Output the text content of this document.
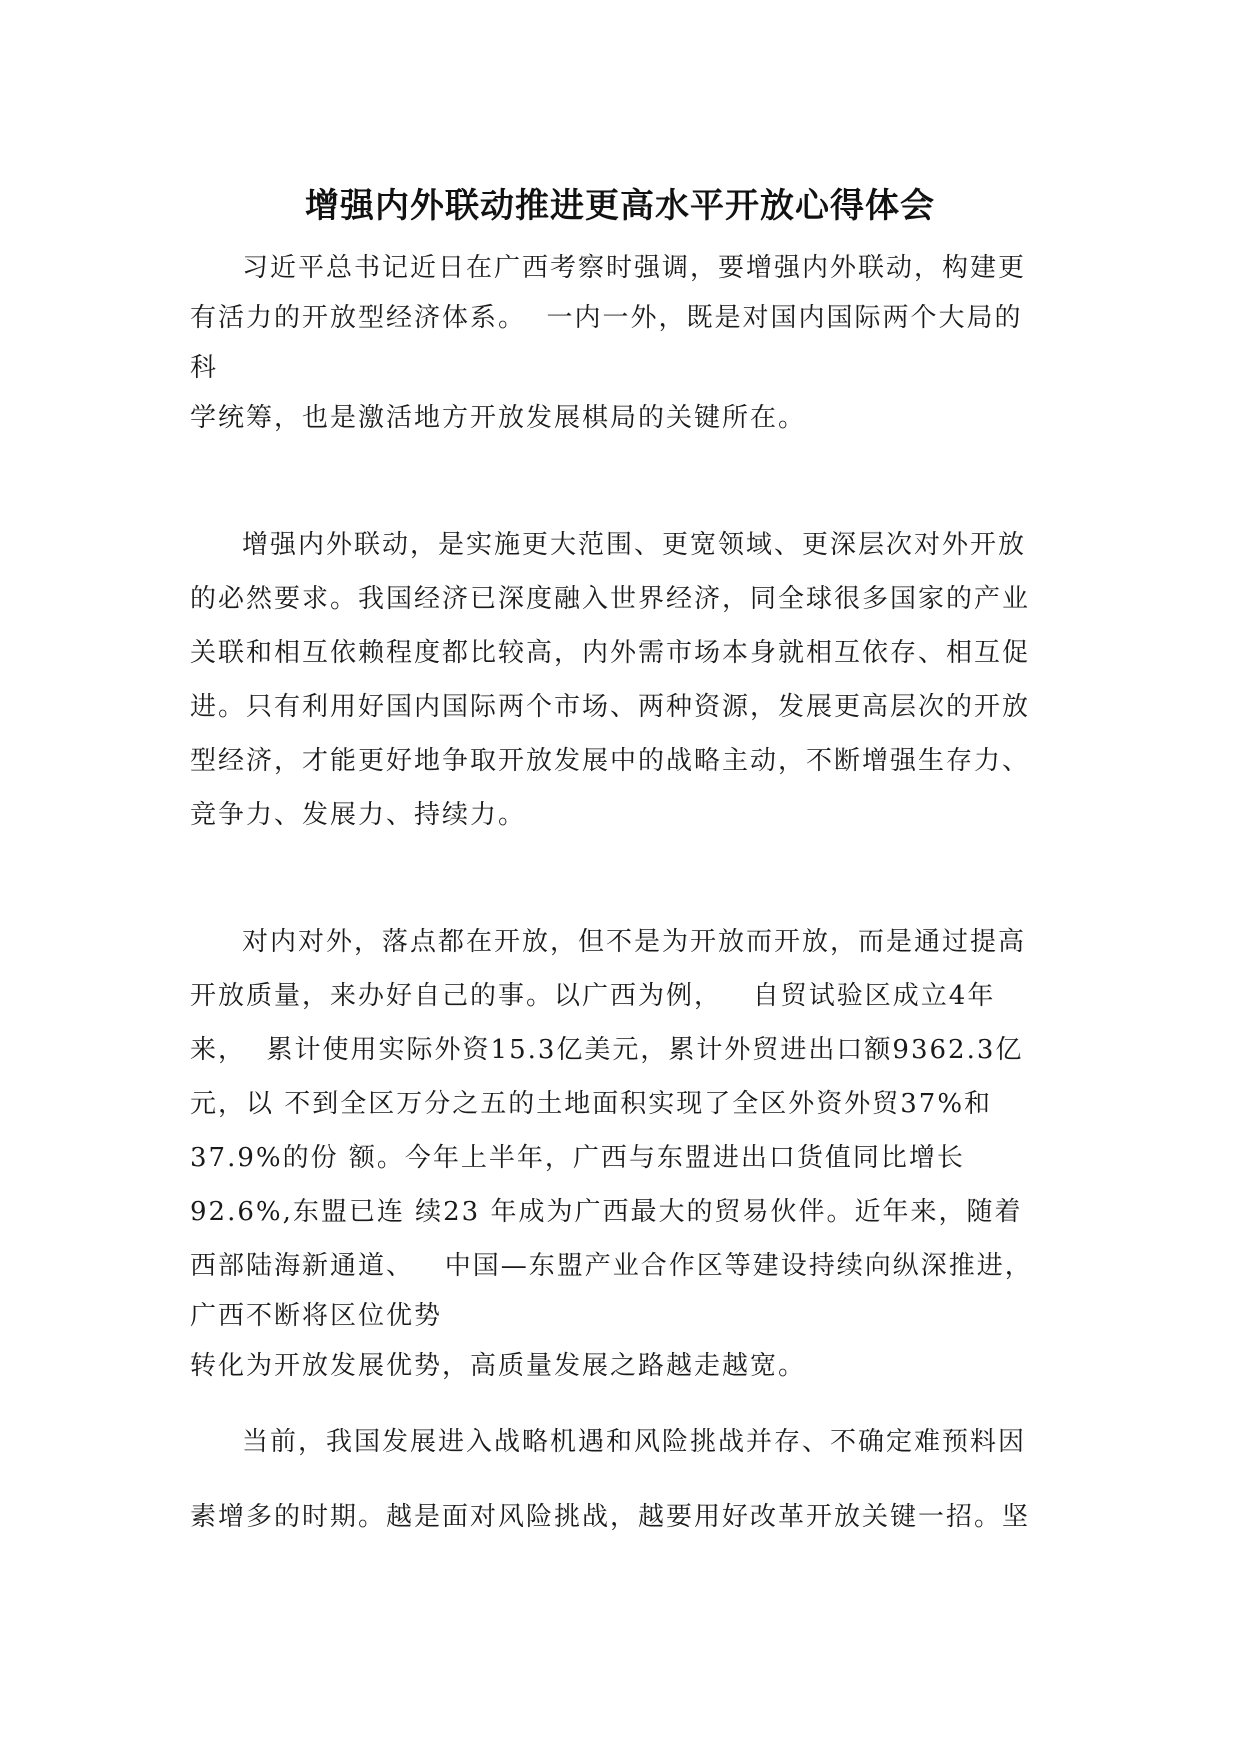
增强内外联动推进更高水平开放心得体会
习近平总书记近日在广西考察时强调，要增强内外联动，构建更
有活力的开放型经济体系。  一内一外，既是对国内国际两个大局的
科
学统筹，也是激活地方开放发展棋局的关键所在。
增强内外联动，是实施更大范围、更宽领域、更深层次对外开放
的必然要求。我国经济已深度融入世界经济，同全球很多国家的产业
关联和相互依赖程度都比较高，内外需市场本身就相互依存、相互促
进。只有利用好国内国际两个市场、两种资源，发展更高层次的开放
型经济，才能更好地争取开放发展中的战略主动，不断增强生存力、
竞争力、发展力、持续力。
对内对外，落点都在开放，但不是为开放而开放，而是通过提高
开放质量，来办好自己的事。以广西为例，   自贸试验区成立4年
来，  累计使用实际外资15.3亿美元，累计外贸进出口额9362.3亿
元，以 不到全区万分之五的土地面积实现了全区外资外贸37%和
37.9%的份 额。今年上半年，广西与东盟进出口货值同比增长
92.6%,东盟已连 续23 年成为广西最大的贸易伙伴。近年来，随着
西部陆海新通道、   中国—东盟产业合作区等建设持续向纵深推进，
广西不断将区位优势
转化为开放发展优势，高质量发展之路越走越宽。
当前，我国发展进入战略机遇和风险挑战并存、不确定难预料因
素增多的时期。越是面对风险挑战，越要用好改革开放关键一招。坚
